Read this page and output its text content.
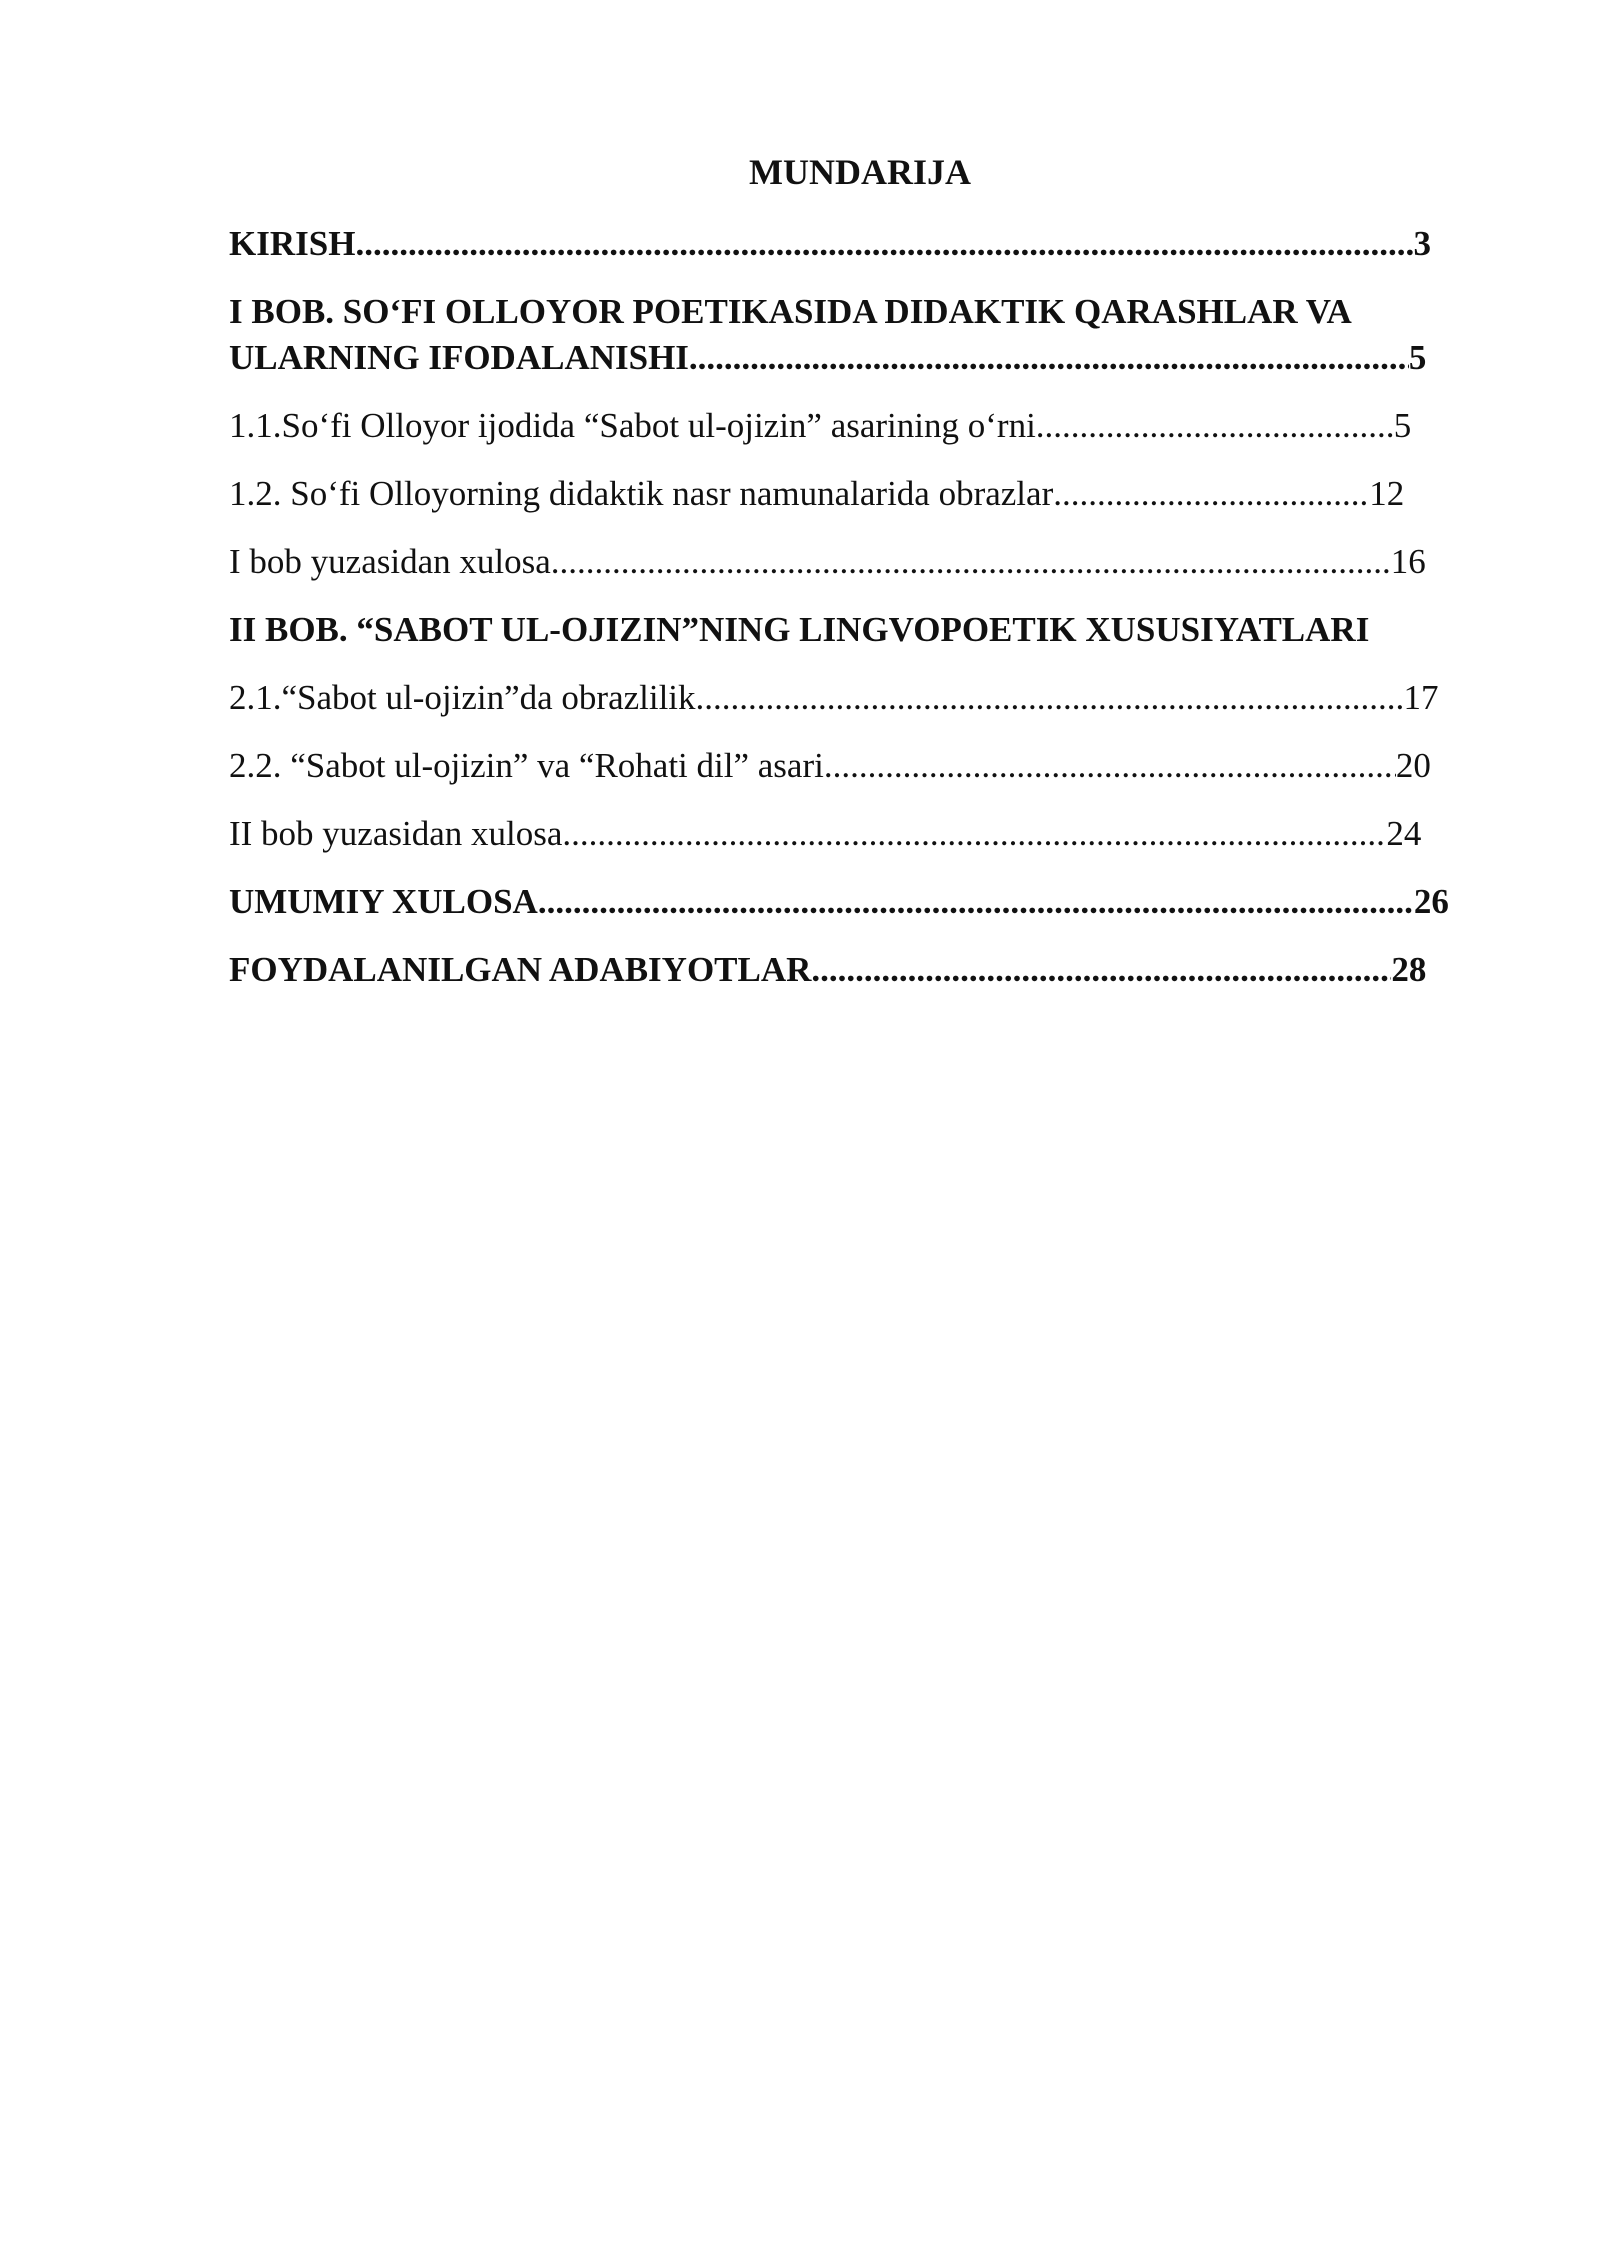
MUNDARIJA
KIRISH .....	3
I BOB. SO‘FI OLLOYOR POETIKASIDA DIDAKTIK QARASHLAR VA
ULARNING IFODALANISHI .....	5
1.1.So‘fi Olloyor ijodida “Sabot ul-ojizin” asarining o‘rni .....	5
1.2. So‘fi Olloyorning didaktik nasr namunalarida obrazlar .....	12
I bob yuzasidan xulosa .....	16
II BOB. “SABOT UL-OJIZIN”NING LINGVOPOETIK XUSUSIYATLARI
2.1.“Sabot ul-ojizin”da obrazlilik .....	17
2.2. “Sabot ul-ojizin” va “Rohati dil” asari .....	20
II bob yuzasidan xulosa .....	24
UMUMIY XULOSA .....	26
FOYDALANILGAN ADABIYOTLAR .....	28
